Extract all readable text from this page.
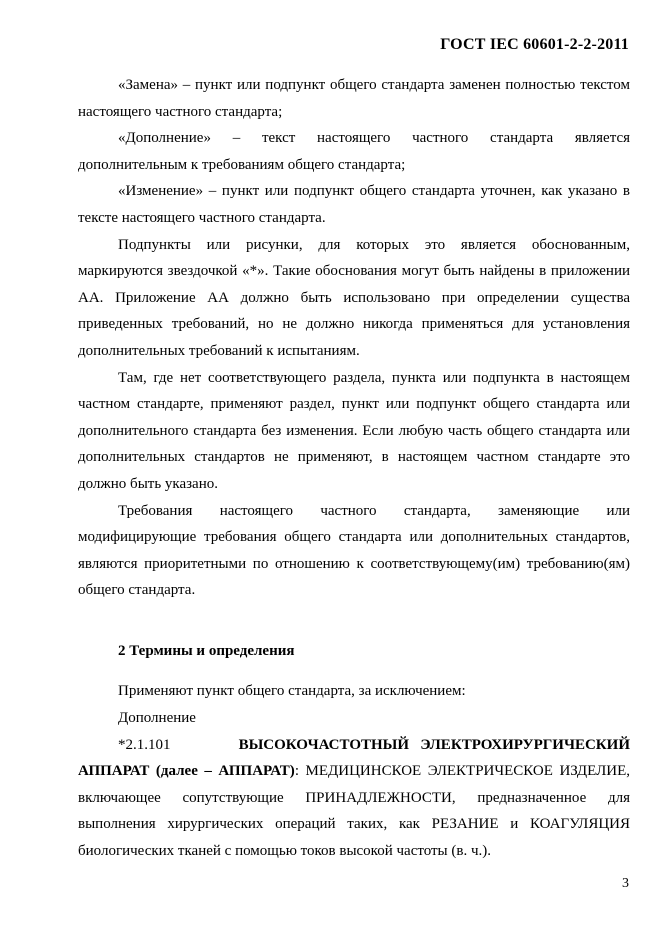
ГОСТ IEC 60601-2-2-2011

«Замена» – пункт или подпункт общего стандарта заменен полностью текстом настоящего частного стандарта;

«Дополнение» – текст настоящего частного стандарта является дополнительным к требованиям общего стандарта;

«Изменение» – пункт или подпункт общего стандарта уточнен, как указано в тексте настоящего частного стандарта.

Подпункты или рисунки, для которых это является обоснованным, маркируются звездочкой «*». Такие обоснования могут быть найдены в приложении АА. Приложение АА должно быть использовано при определении существа приведенных требований, но не должно никогда применяться для установления дополнительных требований к испытаниям.

Там, где нет соответствующего раздела, пункта или подпункта в настоящем частном стандарте, применяют раздел, пункт или подпункт общего стандарта или дополнительного стандарта без изменения. Если любую часть общего стандарта или дополнительных стандартов не применяют, в настоящем частном стандарте это должно быть указано.

Требования настоящего частного стандарта, заменяющие или модифицирующие требования общего стандарта или дополнительных стандартов, являются приоритетными по отношению к соответствующему(им) требованию(ям) общего стандарта.

2 Термины и определения

Применяют пункт общего стандарта, за исключением:

Дополнение

*2.1.101	ВЫСОКОЧАСТОТНЫЙ ЭЛЕКТРОХИРУРГИЧЕСКИЙ АППАРАТ (далее – АППАРАТ): МЕДИЦИНСКОЕ ЭЛЕКТРИЧЕСКОЕ ИЗДЕЛИЕ, включающее сопутствующие ПРИНАДЛЕЖНОСТИ, предназначенное для выполнения хирургических операций таких, как РЕЗАНИЕ и КОАГУЛЯЦИЯ биологических тканей с помощью токов высокой частоты (в. ч.).

3
